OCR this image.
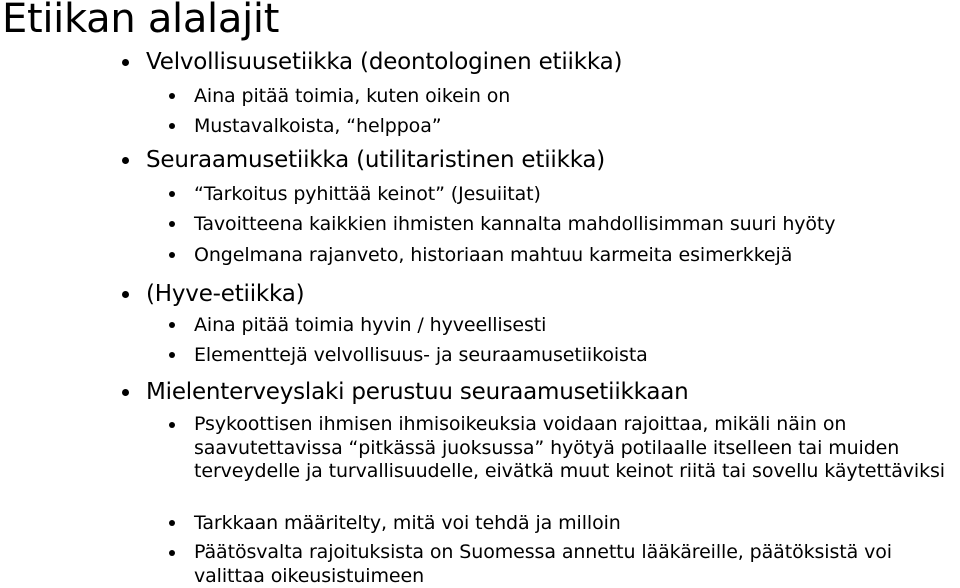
Etiikan alalajit
Velvollisuusetiikka (deontologinen etiikka)
Aina pitää toimia, kuten oikein on
Mustavalkoista, “helppoa”
Seuraamusetiikka (utilitaristinen etiikka)
“Tarkoitus pyhittää keinot” (Jesuiitat)
Tavoitteena kaikkien ihmisten kannalta mahdollisimman suuri hyöty
Ongelmana rajanveto, historiaan mahtuu karmeita esimerkkejä
(Hyve-etiikka)
Aina pitää toimia hyvin / hyveellisesti
Elementtejä velvollisuus- ja seuraamusetiikoista
Mielenterveyslaki perustuu seuraamusetiikkaan
Psykoottisen ihmisen ihmisoikeuksia voidaan rajoittaa, mikäli näin on saavutettavissa “pitkässä juoksussa” hyötyä potilaalle itselleen tai muiden terveydelle ja turvallisuudelle, eivätkä muut keinot riitä tai sovellu käytettäviksi
Tarkkaan määritelty, mitä voi tehdä ja milloin
Päätösvalta rajoituksista on Suomessa annettu lääkäreille, päätöksistä voi valittaa oikeusistuimeen
